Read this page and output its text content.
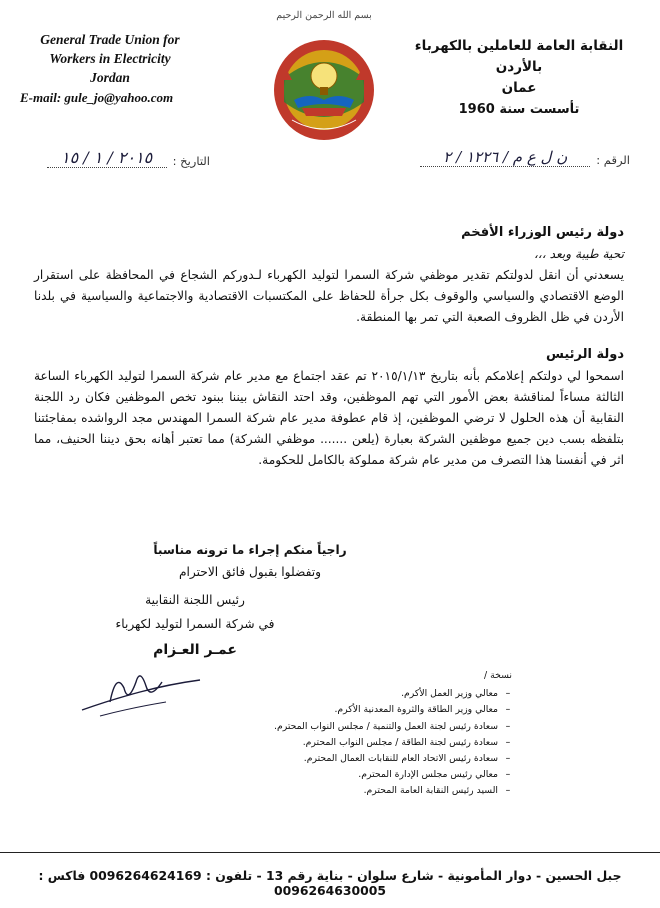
General Trade Union for
Workers in Electricity
Jordan
E-mail: gule_jo@yahoo.com
النقابة العامة للعاملين بالكهرباء بالأردن
عمان
تأسست سنة 1960
بسم الله الرحمن الرحيم
الرقم :
ن ل ع م / ١٢٢٦ / ٢
التاريخ :
٢٠١٥ / ١ / ١٥
دولة رئيس الوزراء الأفخم
تحية طيبة وبعد ،،،
يسعدني أن انقل لدولتكم تقدير موظفي شركة السمرا لتوليد الكهرباء لـدوركم الشجاع في المحافظة على استقرار الوضع الاقتصادي والسياسي والوقوف بكل جرأة للحفاظ على المكتسبات الاقتصادية والاجتماعية والسياسية في بلدنا الأردن في ظل الظروف الصعبة التي تمر بها المنطقة.
دولة الرئيس
اسمحوا لي دولتكم إعلامكم بأنه بتاريخ ٢٠١٥/١/١٣ تم عقد اجتماع مع مدير عام شركة السمرا لتوليد الكهرباء الساعة الثالثة مساءاً لمناقشة بعض الأمور التي تهم الموظفين، وقد احتد النقاش بيننا ببنود تخص الموظفين فكان رد اللجنة النقابية أن هذه الحلول لا ترضي الموظفين، إذ قام عطوفة مدير عام شركة السمرا المهندس مجد الرواشده بمفاجئتنا بتلفظه بسب دين جميع موظفين الشركة بعبارة (يلعن ....... موظفي الشركة) مما تعتبر أهانه بحق ديننا الحنيف، مما اثر في أنفسنا هذا التصرف من مدير عام شركة مملوكة بالكامل للحكومة.
راجياً منكم إجراء ما ترونه مناسباً
وتفضلوا بقبول فائق الاحترام
رئيس اللجنة النقابية
في شركة السمرا لتوليد لكهرباء
عمـر العـزام
نسخة /
–
معالي وزير العمل الأكرم.
–
معالي وزير الطاقة والثروة المعدنية الأكرم.
–
سعادة رئيس لجنة العمل والتنمية / مجلس النواب المحترم.
–
سعادة رئيس لجنة الطاقة / مجلس النواب المحترم.
–
سعادة رئيس الاتحاد العام للنقابات العمال المحترم.
–
معالي رئيس مجلس الإدارة المحترم.
–
السيد رئيس النقابة العامة المحترم.
جبل الحسين - دوار المأمونية - شارع سلوان - بناية رقم 13 - تلفون : 0096264624169 فاكس : 0096264630005
